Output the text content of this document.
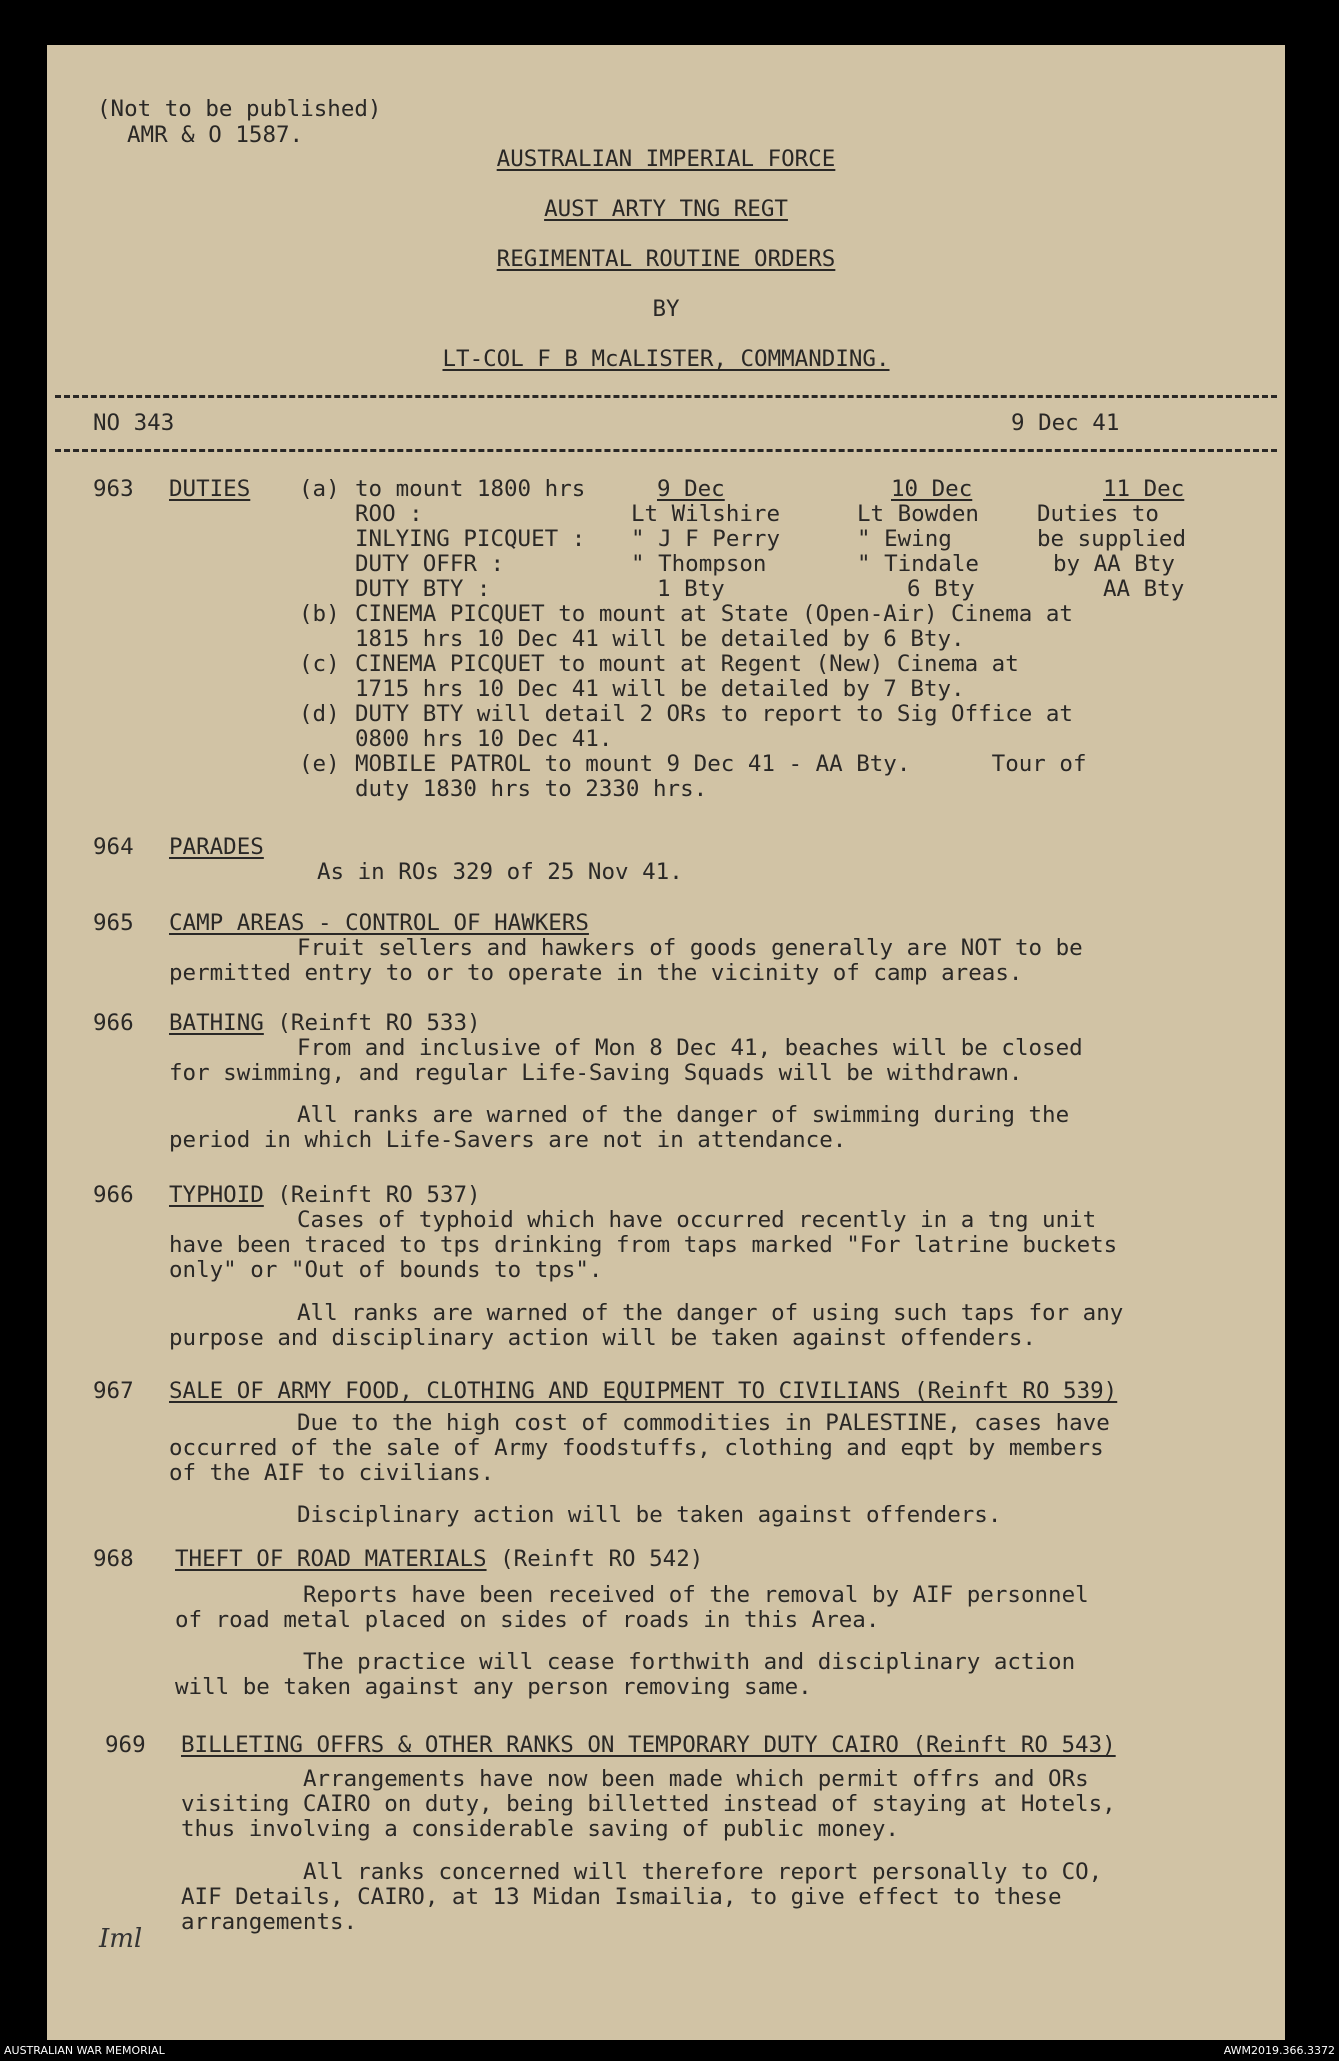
(Not to be published)
AMR & O 1587.
AUSTRALIAN IMPERIAL FORCE
AUST ARTY TNG REGT
REGIMENTAL ROUTINE ORDERS
BY
LT-COL F B McALISTER, COMMANDING.
NO 343	9 Dec 41
963 DUTIES (a) to mount 1800 hrs	9 Dec	10 Dec	11 Dec
ROO :	Lt Wilshire	Lt Bowden	Duties to
INLYING PICQUET : " J F Perry	" Ewing	be supplied
DUTY OFFR :	" Thompson	" Tindale	by AA Bty
DUTY BTY :	1 Bty	6 Bty	AA Bty
(b) CINEMA PICQUET to mount at State (Open-Air) Cinema at
1815 hrs 10 Dec 41 will be detailed by 6 Bty.
(c) CINEMA PICQUET to mount at Regent (New) Cinema at
1715 hrs 10 Dec 41 will be detailed by 7 Bty.
(d) DUTY BTY will detail 2 ORs to report to Sig Office at
0800 hrs 10 Dec 41.
(e) MOBILE PATROL to mount 9 Dec 41 - AA Bty.      Tour of
duty 1830 hrs to 2330 hrs.
964 PARADES
As in ROs 329 of 25 Nov 41.
965 CAMP AREAS - CONTROL OF HAWKERS
Fruit sellers and hawkers of goods generally are NOT to be
permitted entry to or to operate in the vicinity of camp areas.
966 BATHING (Reinft RO 533)
From and inclusive of Mon 8 Dec 41, beaches will be closed
for swimming, and regular Life-Saving Squads will be withdrawn.
All ranks are warned of the danger of swimming during the
period in which Life-Savers are not in attendance.
966 TYPHOID (Reinft RO 537)
Cases of typhoid which have occurred recently in a tng unit
have been traced to tps drinking from taps marked "For latrine buckets
only" or "Out of bounds to tps".
All ranks are warned of the danger of using such taps for any
purpose and disciplinary action will be taken against offenders.
967 SALE OF ARMY FOOD, CLOTHING AND EQUIPMENT TO CIVILIANS (Reinft RO 539)
Due to the high cost of commodities in PALESTINE, cases have
occurred of the sale of Army foodstuffs, clothing and eqpt by members
of the AIF to civilians.
Disciplinary action will be taken against offenders.
968 THEFT OF ROAD MATERIALS (Reinft RO 542)
Reports have been received of the removal by AIF personnel
of road metal placed on sides of roads in this Area.
The practice will cease forthwith and disciplinary action
will be taken against any person removing same.
969 BILLETING OFFRS & OTHER RANKS ON TEMPORARY DUTY CAIRO (Reinft RO 543)
Arrangements have now been made which permit offrs and ORs
visiting CAIRO on duty, being billetted instead of staying at Hotels,
thus involving a considerable saving of public money.
All ranks concerned will therefore report personally to CO,
AIF Details, CAIRO, at 13 Midan Ismailia, to give effect to these
arrangements.
Iml
AUSTRALIAN WAR MEMORIAL	AWM2019.366.3372
